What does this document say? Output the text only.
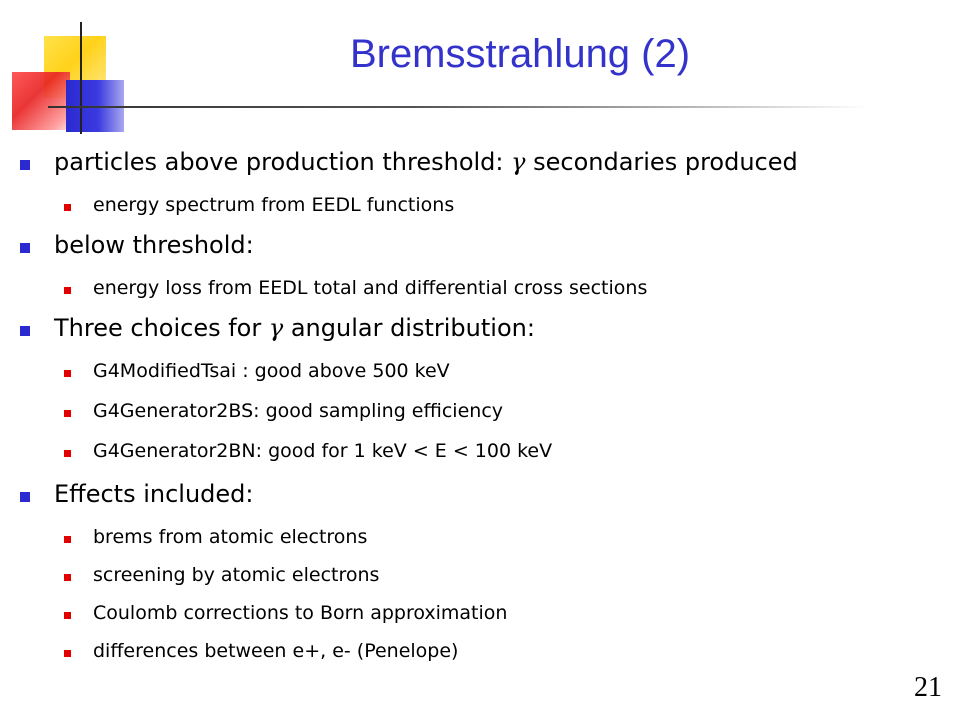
Bremsstrahlung (2)
particles above production threshold: γ secondaries produced
energy spectrum from EEDL functions
below threshold:
energy loss from EEDL total and differential cross sections
Three choices for γ angular distribution:
G4ModifiedTsai : good above 500 keV
G4Generator2BS: good sampling efficiency
G4Generator2BN: good for 1 keV < E < 100 keV
Effects included:
brems from atomic electrons
screening by atomic electrons
Coulomb corrections to Born approximation
differences between e+, e- (Penelope)
21
